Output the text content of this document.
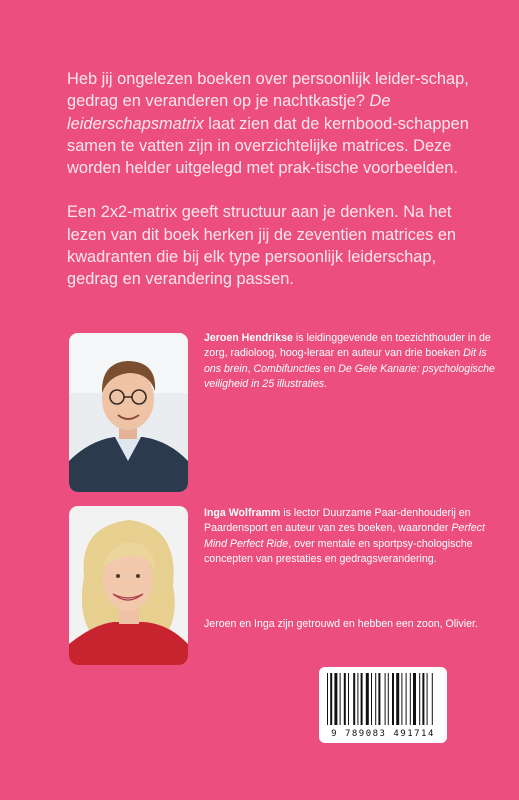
Heb jij ongelezen boeken over persoonlijk leider-schap, gedrag en veranderen op je nachtkastje? De leiderschapsmatrix laat zien dat de kernbood-schappen samen te vatten zijn in overzichtelijke matrices. Deze worden helder uitgelegd met prak-tische voorbeelden.

Een 2x2-matrix geeft structuur aan je denken. Na het lezen van dit boek herken jij de zeventien matrices en kwadranten die bij elk type persoonlijk leiderschap, gedrag en verandering passen.

Jeroen Hendrikse is leidinggevende en toezichthouder in de zorg, radioloog, hoog-leraar en auteur van drie boeken Dit is ons brein, Combifuncties en De Gele Kanarie: psychologische veiligheid in 25 illustraties.

Inga Wolframm is lector Duurzame Paar-denhouderij en Paardensport en auteur van zes boeken, waaronder Perfect Mind Perfect Ride, over mentale en sportpsy-chologische concepten van prestaties en gedragsverandering.

Jeroen en Inga zijn getrouwd en hebben een zoon, Olivier.

9 789083 491714
